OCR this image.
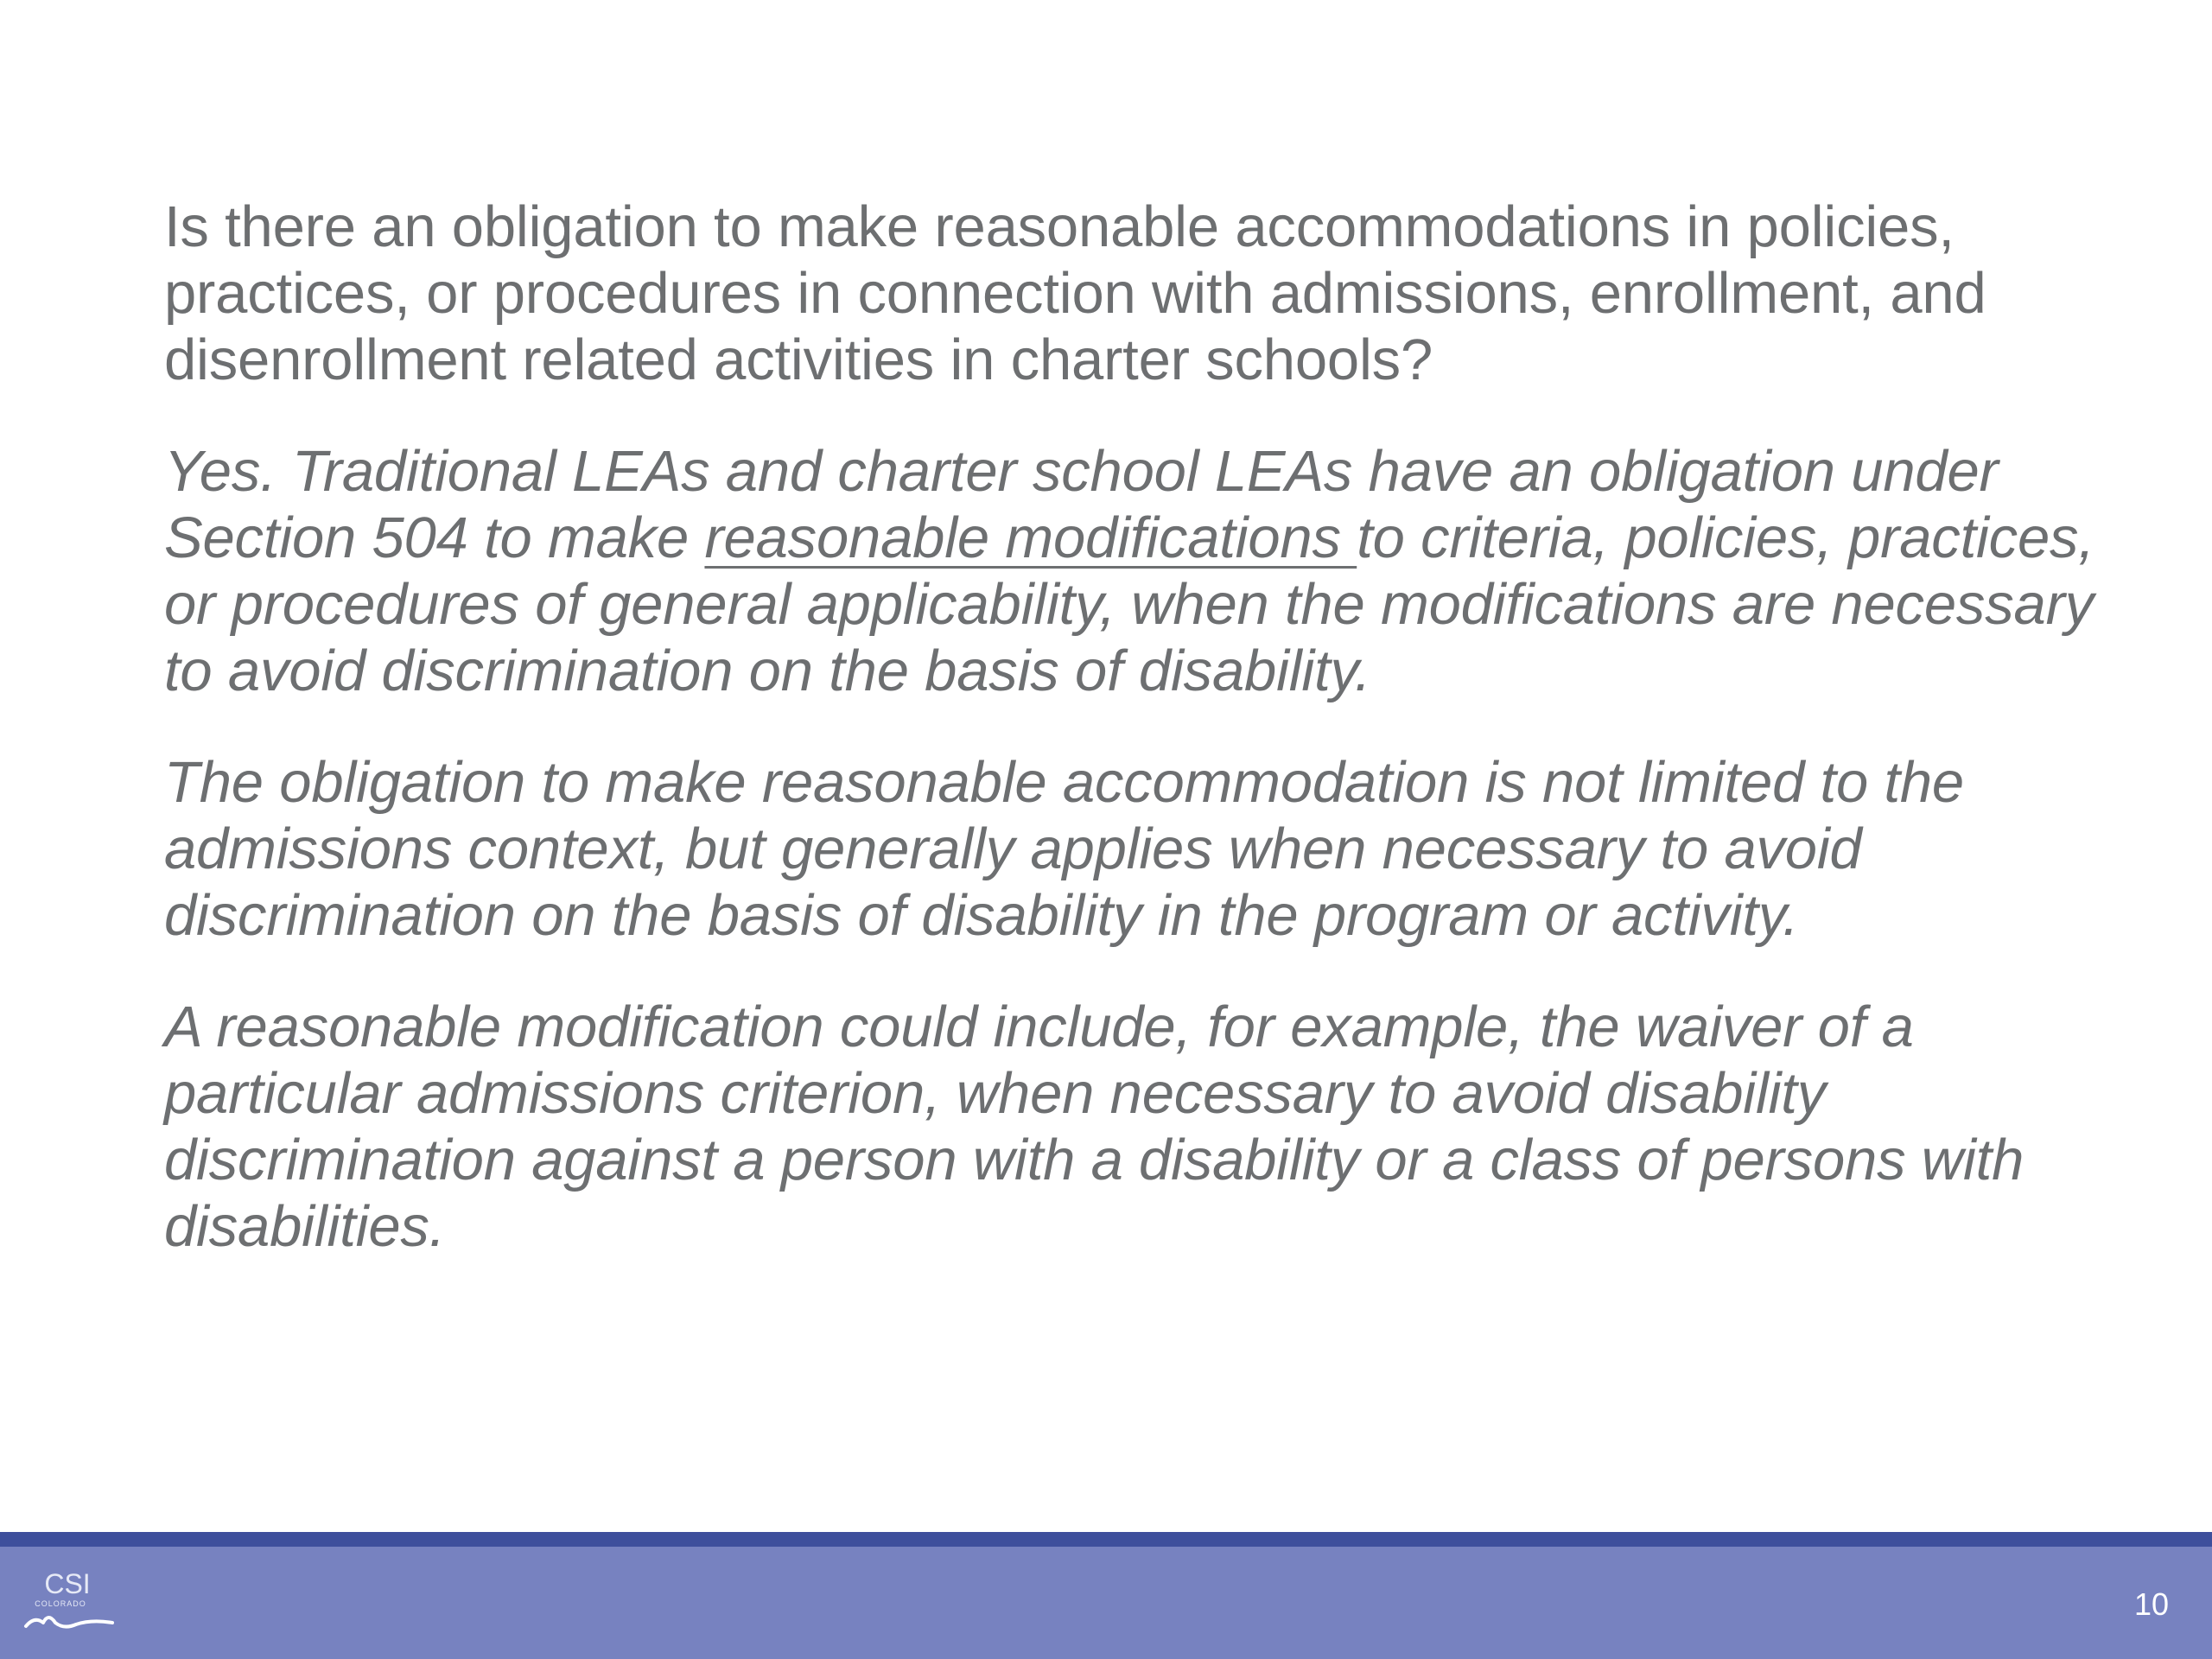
Is there an obligation to make reasonable accommodations in policies, practices, or procedures in connection with admissions, enrollment, and disenrollment related activities in charter schools?

Yes. Traditional LEAs and charter school LEAs have an obligation under Section 504 to make reasonable modifications to criteria, policies, practices, or procedures of general applicability, when the modifications are necessary to avoid discrimination on the basis of disability.

The obligation to make reasonable accommodation is not limited to the admissions context, but generally applies when necessary to avoid discrimination on the basis of disability in the program or activity.

A reasonable modification could include, for example, the waiver of a particular admissions criterion, when necessary to avoid disability discrimination against a person with a disability or a class of persons with disabilities.

CSI
COLORADO	10
